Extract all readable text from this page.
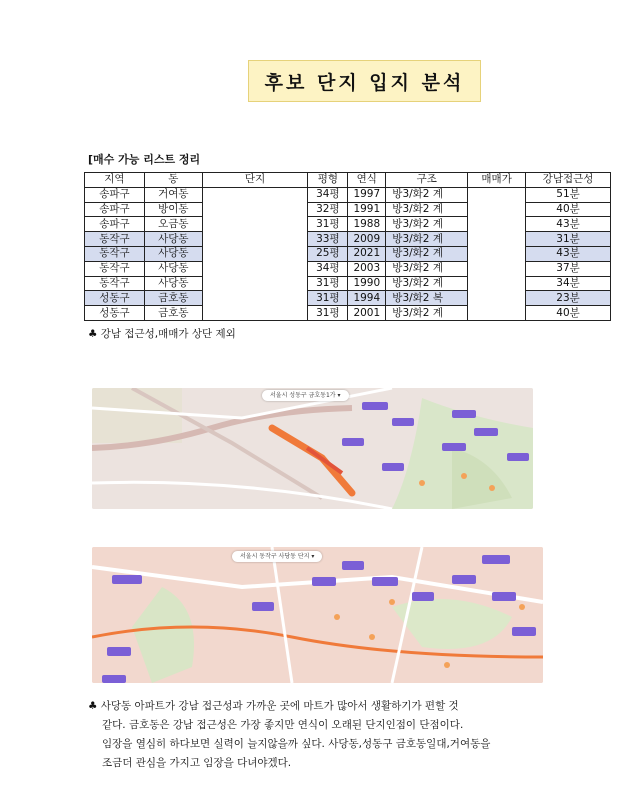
후보 단지 입지 분석
[매수 가능 리스트 정리
지역	동	단지	평형	연식	구조	매매가	강남접근성
송파구	거여동		34평	1997	방3/화2 계		51분
송파구	방이동		32평	1991	방3/화2 계		40분
송파구	오금동		31평	1988	방3/화2 계		43분
동작구	사당동		33평	2009	방3/화2 계		31분
동작구	사당동		25평	2021	방3/화2 계		43분
동작구	사당동		34평	2003	방3/화2 계		37분
동작구	사당동		31평	1990	방3/화2 계		34분
성동구	금호동		31평	1994	방3/화2 복		23분
성동구	금호동		31평	2001	방3/화2 계		40분
♣ 강남 접근성,매매가 상단 제외
서울시 성동구 금호동1가 ▾
서울시 동작구 사당동 단지 ▾
♣ 사당동 아파트가 강남 접근성과 가까운 곳에 마트가 많아서 생활하기가 편할 것
같다. 금호동은 강남 접근성은 가장 좋지만 연식이 오래된 단지인점이 단점이다.
임장을 열심히 하다보면 실력이 늘지않을까 싶다. 사당동,성동구 금호동일대,거여동을
조금더 관심을 가지고 임장을 다녀야겠다.
